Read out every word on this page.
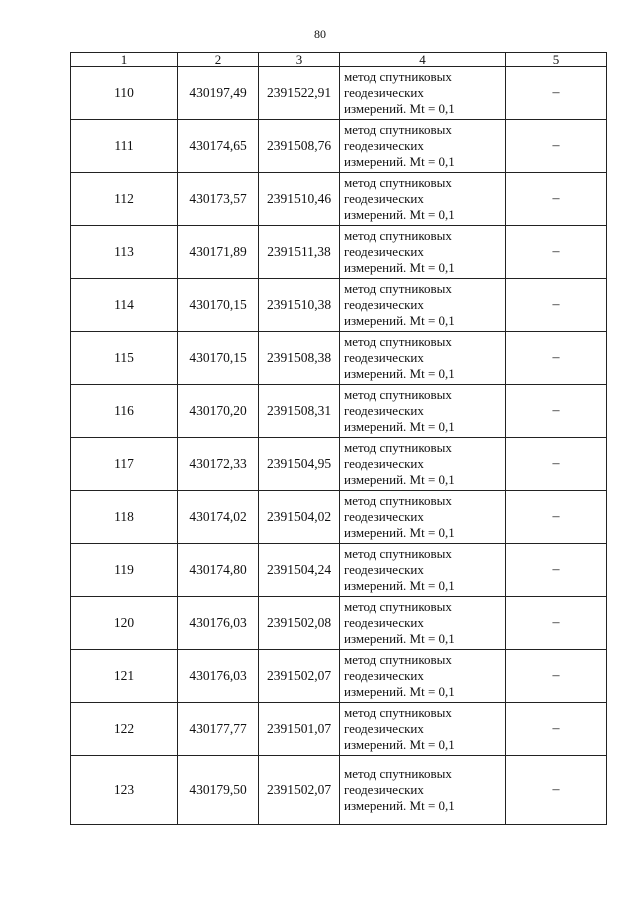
80
1	2	3	4	5
110	430197,49	2391522,91	метод спутниковых
геодезических
измерений. Mt = 0,1	–
111	430174,65	2391508,76	метод спутниковых
геодезических
измерений. Mt = 0,1	–
112	430173,57	2391510,46	метод спутниковых
геодезических
измерений. Mt = 0,1	–
113	430171,89	2391511,38	метод спутниковых
геодезических
измерений. Mt = 0,1	–
114	430170,15	2391510,38	метод спутниковых
геодезических
измерений. Mt = 0,1	–
115	430170,15	2391508,38	метод спутниковых
геодезических
измерений. Mt = 0,1	–
116	430170,20	2391508,31	метод спутниковых
геодезических
измерений. Mt = 0,1	–
117	430172,33	2391504,95	метод спутниковых
геодезических
измерений. Mt = 0,1	–
118	430174,02	2391504,02	метод спутниковых
геодезических
измерений. Mt = 0,1	–
119	430174,80	2391504,24	метод спутниковых
геодезических
измерений. Mt = 0,1	–
120	430176,03	2391502,08	метод спутниковых
геодезических
измерений. Mt = 0,1	–
121	430176,03	2391502,07	метод спутниковых
геодезических
измерений. Mt = 0,1	–
122	430177,77	2391501,07	метод спутниковых
геодезических
измерений. Mt = 0,1	–
123	430179,50	2391502,07	метод спутниковых
геодезических
измерений. Mt = 0,1	–
